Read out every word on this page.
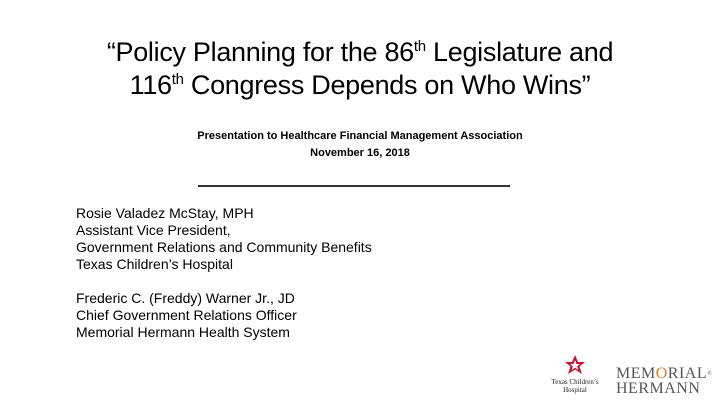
“Policy Planning for the 86th Legislature and
116th Congress Depends on Who Wins”
Presentation to Healthcare Financial Management Association
November 16, 2018
Rosie Valadez McStay, MPH
Assistant Vice President,
Government Relations and Community Benefits
Texas Children’s Hospital
Frederic C. (Freddy) Warner Jr., JD
Chief Government Relations Officer
Memorial Hermann Health System
Texas Children’s
Hospital
MEMORIAL®
HERMANN
